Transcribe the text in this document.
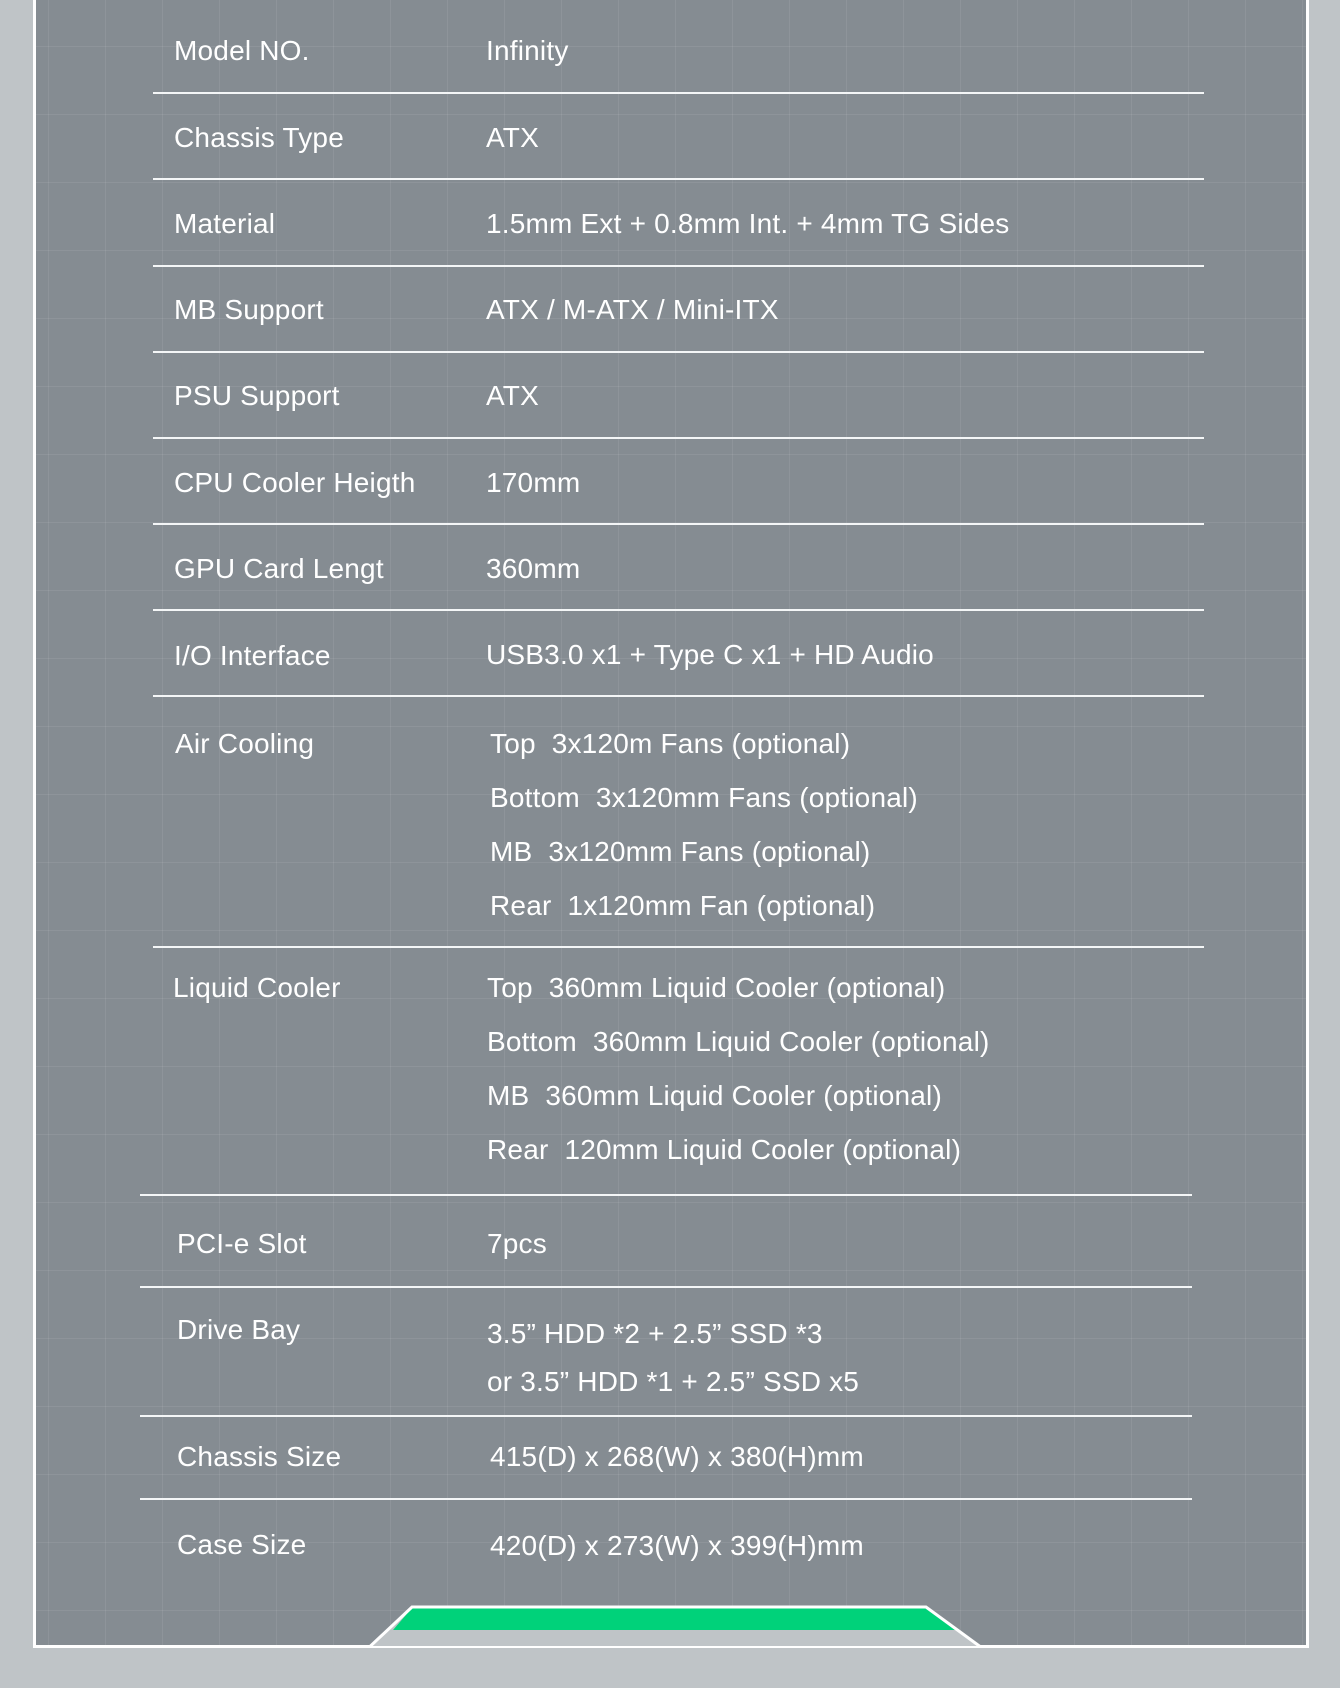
Model NO.	Infinity
Chassis Type	ATX
Material	1.5mm Ext + 0.8mm Int. + 4mm TG Sides
MB Support	ATX / M-ATX / Mini-ITX
PSU Support	ATX
CPU Cooler Heigth	170mm
GPU Card Lengt	360mm
I/O Interface	USB3.0 x1 + Type C x1 + HD Audio
Air Cooling	Top  3x120m Fans (optional)
Bottom  3x120mm Fans (optional)
MB  3x120mm Fans (optional)
Rear  1x120mm Fan (optional)
Liquid Cooler	Top  360mm Liquid Cooler (optional)
Bottom  360mm Liquid Cooler (optional)
MB  360mm Liquid Cooler (optional)
Rear  120mm Liquid Cooler (optional)
PCI-e Slot	7pcs
Drive Bay	3.5” HDD *2 + 2.5” SSD *3
or 3.5” HDD *1 + 2.5” SSD x5
Chassis Size	415(D) x 268(W) x 380(H)mm
Case Size	420(D) x 273(W) x 399(H)mm
